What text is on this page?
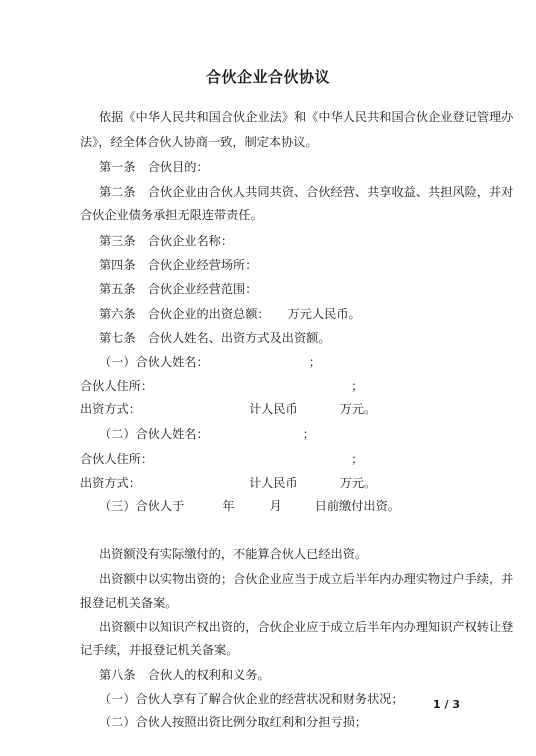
合伙企业合伙协议
依据《中华人民共和国合伙企业法》和《中华人民共和国合伙企业登记管理办
法》，经全体合伙人协商一致，制定本协议。
第一条　合伙目的：
第二条　合伙企业由合伙人共同共资、合伙经营、共享收益、共担风险，并对
合伙企业债务承担无限连带责任。
第三条　合伙企业名称：
第四条　合伙企业经营场所：
第五条　合伙企业经营范围：
第六条　合伙企业的出资总额： 万元人民币。
第七条　合伙人姓名、出资方式及出资额。
（一）合伙人姓名：	；
合伙人住所：	；
出资方式：	计人民币	万元。
（二）合伙人姓名：	；
合伙人住所：	；
出资方式：	计人民币	万元。
（三）合伙人于	年	月	日前缴付出资。
出资额没有实际缴付的，不能算合伙人已经出资。
出资额中以实物出资的；合伙企业应当于成立后半年内办理实物过户手续，并
报登记机关备案。
出资额中以知识产权出资的，合伙企业应于成立后半年内办理知识产权转让登
记手续，并报登记机关备案。
第八条　合伙人的权利和义务。
（一）合伙人享有了解合伙企业的经营状况和财务状况；
（二）合伙人按照出资比例分取红利和分担亏损；
1 / 3
